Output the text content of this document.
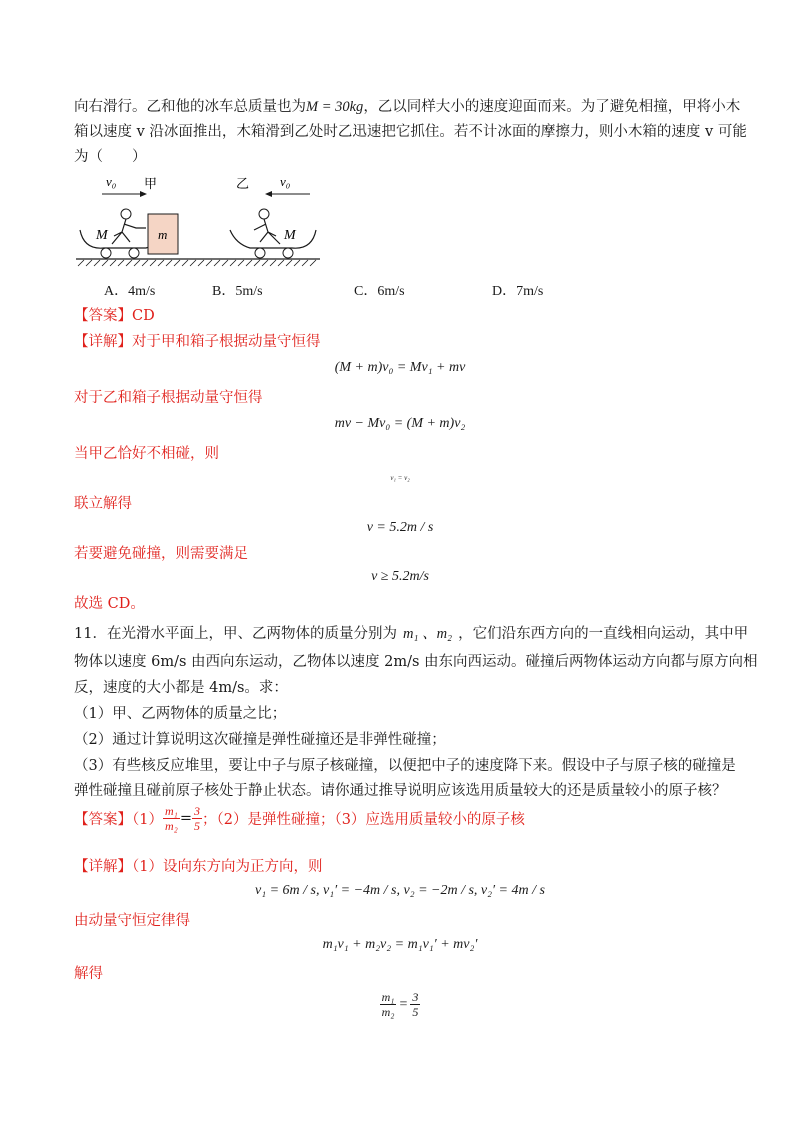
向右滑行。乙和他的冰车总质量也为M = 30kg，乙以同样大小的速度迎面而来。为了避免相撞，甲将小木
箱以速度 v 沿冰面推出，木箱滑到乙处时乙迅速把它抓住。若不计冰面的摩擦力，则小木箱的速度 v 可能
为（　　）
v₀ 甲	乙 v₀
M	m	M
A．4m/s	B．5m/s	C．6m/s	D．7m/s
【答案】CD
【详解】对于甲和箱子根据动量守恒得
(M + m)v₀ = Mv₁ + mv
对于乙和箱子根据动量守恒得
mv − Mv₀ = (M + m)v₂
当甲乙恰好不相碰，则
v₁ = v₂
联立解得
v = 5.2m / s
若要避免碰撞，则需要满足
v ≥ 5.2m/s
故选 CD。
11．在光滑水平面上，甲、乙两物体的质量分别为 m₁ 、m₂ ，它们沿东西方向的一直线相向运动，其中甲
物体以速度 6m/s 由西向东运动，乙物体以速度 2m/s 由东向西运动。碰撞后两物体运动方向都与原方向相
反，速度的大小都是 4m/s。求：
（1）甲、乙两物体的质量之比；
（2）通过计算说明这次碰撞是弹性碰撞还是非弹性碰撞；
（3）有些核反应堆里，要让中子与原子核碰撞，以便把中子的速度降下来。假设中子与原子核的碰撞是
弹性碰撞且碰前原子核处于静止状态。请你通过推导说明应该选用质量较大的还是质量较小的原子核？
【答案】$(1) \frac{\text{m₁}}{\text{m₂}} = \frac{3}{5}$ ；（2）是弹性碰撞；（3）应选用质量较小的原子核
【详解】（1）设向东方向为正方向，则
v₁ = 6m / s, v₁′ = −4m / s, v₂ = −2m / s, v₂′ = 4m / s
由动量守恒定律得
m₁v₁ + m₂v₂ = m₁v₁′ + mv₂′
解得
$\frac{\text{m₁}}{\text{m₂}} = \frac{3}{5}$
